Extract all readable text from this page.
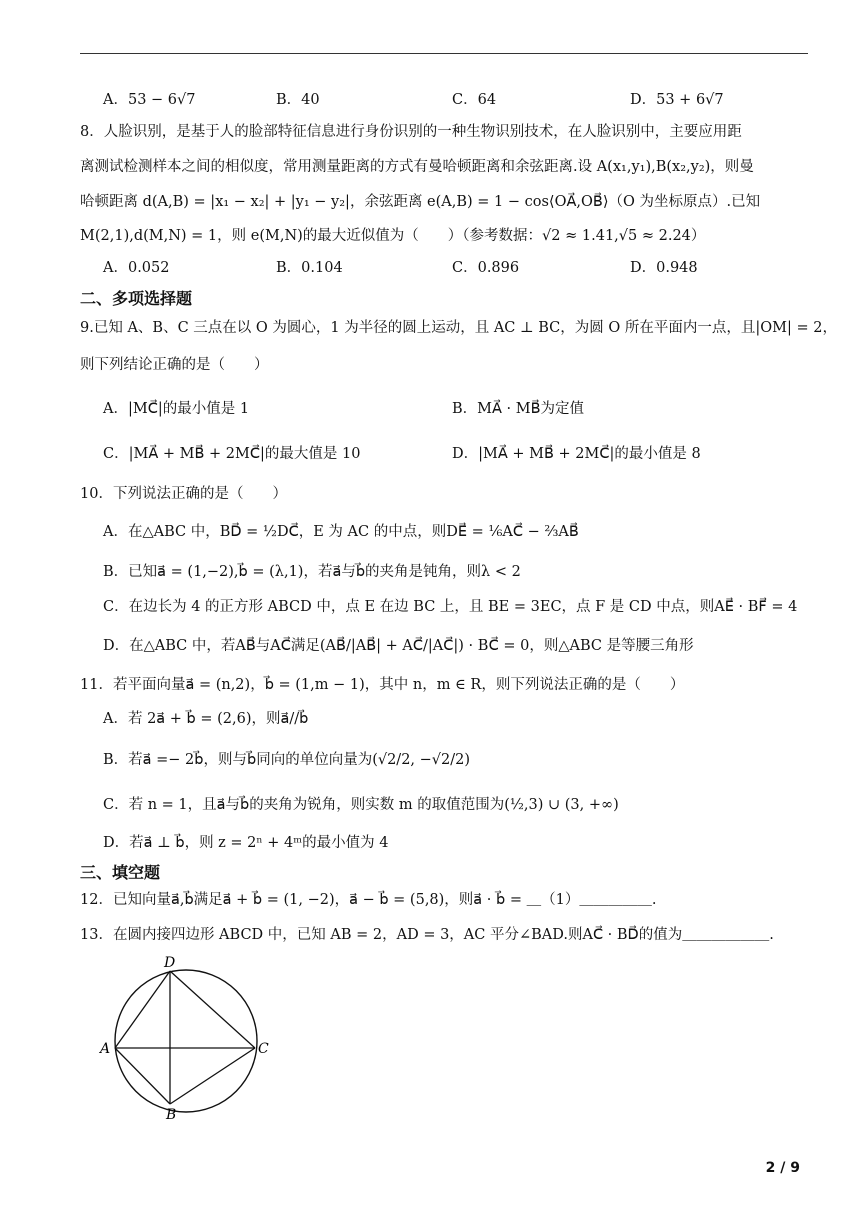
A．53 − 6√7	B．40	C．64	D．53 + 6√7
8．人脸识别，是基于人的脸部特征信息进行身份识别的一种生物识别技术，在人脸识别中，主要应用距
离测试检测样本之间的相似度，常用测量距离的方式有曼哈顿距离和余弦距离.设 A(x₁,y₁),B(x₂,y₂)，则曼
哈顿距离 d(A,B) = |x₁ − x₂| + |y₁ − y₂|，余弦距离 e(A,B) = 1 − cos⟨OA⃗,OB⃗⟩（O 为坐标原点）.已知
M(2,1),d(M,N) = 1，则 e(M,N)的最大近似值为（　　）（参考数据：√2 ≈ 1.41,√5 ≈ 2.24）
A．0.052	B．0.104	C．0.896	D．0.948
二、多项选择题
9.已知 A、B、C 三点在以 O 为圆心，1 为半径的圆上运动，且 AC ⊥ BC，为圆 O 所在平面内一点，且|OM| = 2，
则下列结论正确的是（　　）
A．|MC⃗|的最小值是 1	B．MA⃗ · MB⃗为定值
C．|MA⃗ + MB⃗ + 2MC⃗|的最大值是 10	D．|MA⃗ + MB⃗ + 2MC⃗|的最小值是 8
10．下列说法正确的是（　　）
A．在△ABC 中，BD⃗ = ½DC⃗，E 为 AC 的中点，则DE⃗ = ⅙AC⃗ − ⅔AB⃗
B．已知a⃗ = (1,−2),b⃗ = (λ,1)，若a⃗与b⃗的夹角是钝角，则λ < 2
C．在边长为 4 的正方形 ABCD 中，点 E 在边 BC 上，且 BE = 3EC，点 F 是 CD 中点，则AE⃗ · BF⃗ = 4
D．在△ABC 中，若AB⃗与AC⃗满足(AB⃗/|AB⃗| + AC⃗/|AC⃗|) · BC⃗ = 0，则△ABC 是等腰三角形
11．若平面向量a⃗ = (n,2)，b⃗ = (1,m − 1)，其中 n，m ∈ R，则下列说法正确的是（　　）
A．若 2a⃗ + b⃗ = (2,6)，则a⃗//b⃗
B．若a⃗ =− 2b⃗，则与b⃗同向的单位向量为(√2/2, −√2/2)
C．若 n = 1，且a⃗与b⃗的夹角为锐角，则实数 m 的取值范围为(½,3) ∪ (3, +∞)
D．若a⃗ ⊥ b⃗，则 z = 2ⁿ + 4ᵐ的最小值为 4
三、填空题
12．已知向量a⃗,b⃗满足a⃗ + b⃗ = (1, −2)，a⃗ − b⃗ = (5,8)，则a⃗ · b⃗ = ＿（1）＿＿＿＿＿.
13．在圆内接四边形 ABCD 中，已知 AB = 2，AD = 3，AC 平分∠BAD.则AC⃗ · BD⃗的值为＿＿＿＿＿＿.
D
A	C
B
2 / 9
